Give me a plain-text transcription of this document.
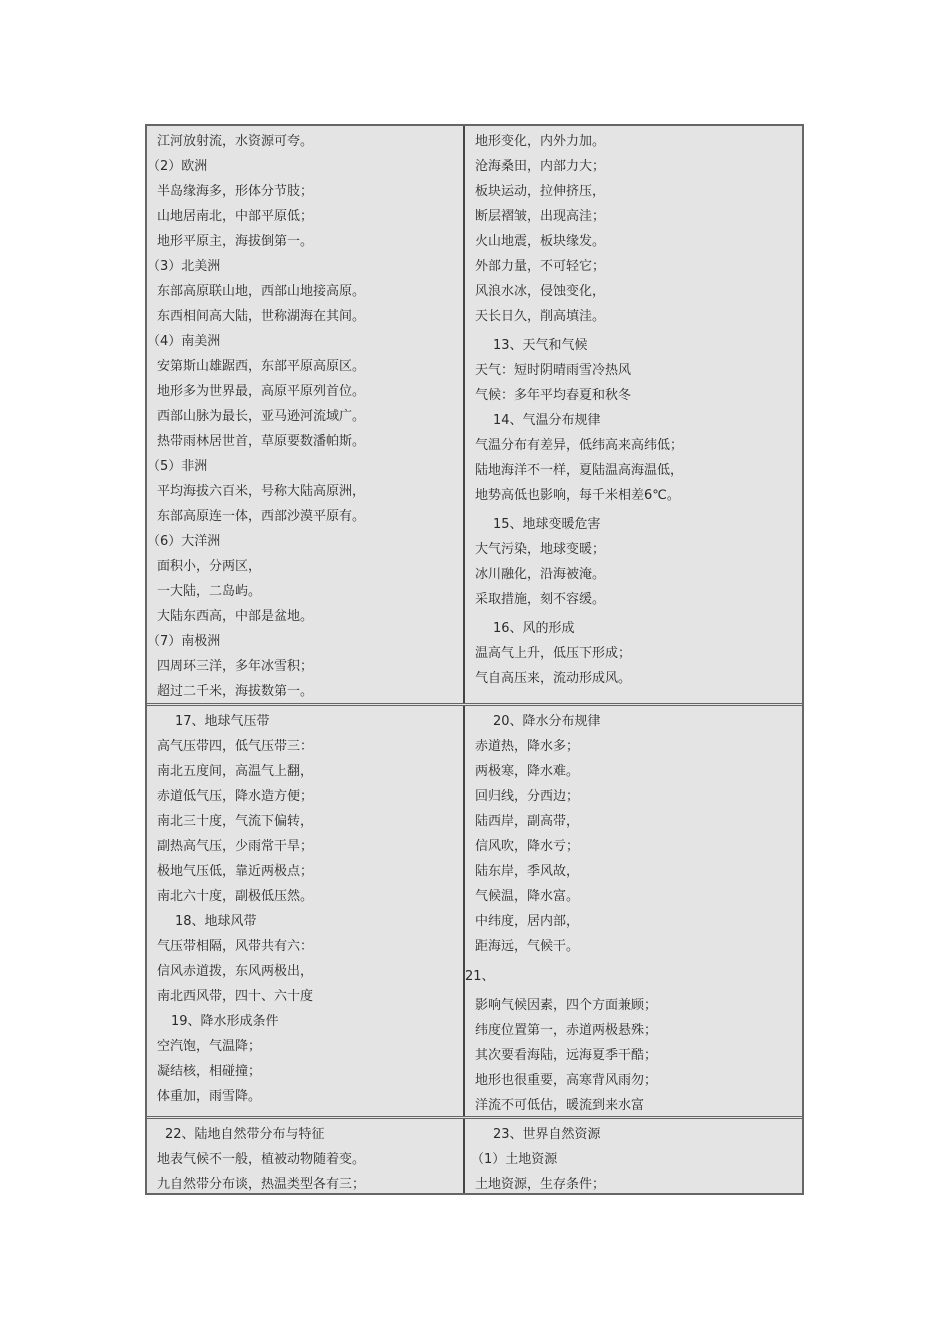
江河放射流，水资源可夸。
（2）欧洲
半岛缘海多，形体分节肢；
山地居南北，中部平原低；
地形平原主，海拔倒第一。
（3）北美洲
东部高原联山地，西部山地接高原。
东西相间高大陆，世称湖海在其间。
（4）南美洲
安第斯山雄踞西，东部平原高原区。
地形多为世界最，高原平原列首位。
西部山脉为最长，亚马逊河流域广。
热带雨林居世首，草原要数潘帕斯。
（5）非洲
平均海拔六百米，号称大陆高原洲，
东部高原连一体，西部沙漠平原有。
（6）大洋洲
面积小，分两区，
一大陆，二岛屿。
大陆东西高，中部是盆地。
（7）南极洲
四周环三洋，多年冰雪积；
超过二千米，海拔数第一。
地形变化，内外力加。
沧海桑田，内部力大；
板块运动，拉伸挤压，
断层褶皱，出现高洼；
火山地震，板块缘发。
外部力量，不可轻它；
风浪水冰，侵蚀变化，
天长日久，削高填洼。
13、天气和气候
天气：短时阴晴雨雪冷热风
气候：多年平均春夏和秋冬
14、气温分布规律
气温分布有差异，低纬高来高纬低；
陆地海洋不一样，夏陆温高海温低，
地势高低也影响，每千米相差6℃。
15、地球变暖危害
大气污染，地球变暖；
冰川融化，沿海被淹。
采取措施，刻不容缓。
16、风的形成
温高气上升，低压下形成；
气自高压来，流动形成风。
17、地球气压带
高气压带四，低气压带三：
南北五度间，高温气上翻，
赤道低气压，降水造方便；
南北三十度，气流下偏转，
副热高气压，少雨常干旱；
极地气压低，靠近两极点；
南北六十度，副极低压然。
18、地球风带
气压带相隔，风带共有六：
信风赤道拨，东风两极出，
南北西风带，四十、六十度
19、降水形成条件
空汽饱，气温降；
凝结核，相碰撞；
体重加，雨雪降。
20、降水分布规律
赤道热，降水多；
两极寒，降水难。
回归线，分西边；
陆西岸，副高带，
信风吹，降水亏；
陆东岸，季风故，
气候温，降水富。
中纬度，居内部，
距海远，气候干。
21、
影响气候因素，四个方面兼顾；
纬度位置第一，赤道两极悬殊；
其次要看海陆，远海夏季干酷；
地形也很重要，高寒背风雨勿；
洋流不可低估，暖流到来水富
22、陆地自然带分布与特征
地表气候不一般，植被动物随着变。
九自然带分布谈，热温类型各有三；
23、世界自然资源
（1）土地资源
土地资源，生存条件；
